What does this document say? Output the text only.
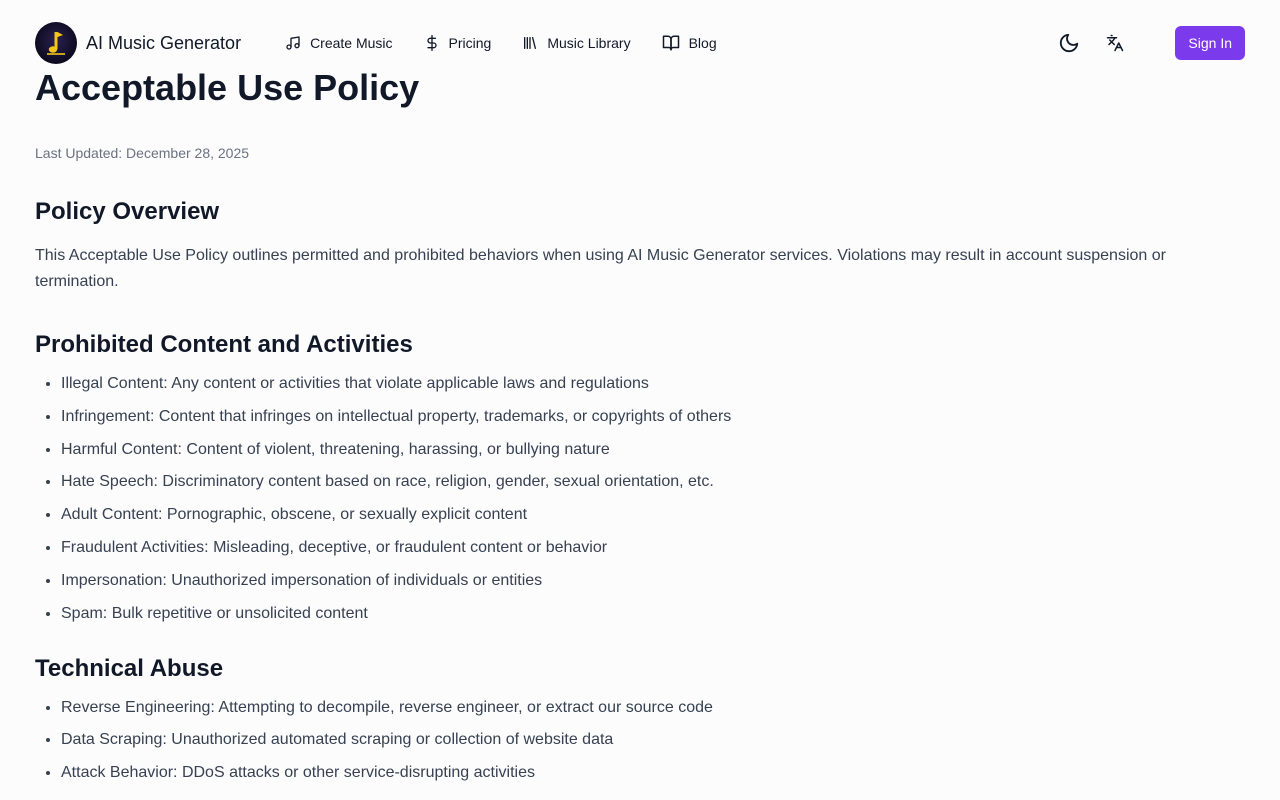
AI Music Generator	Create Music	Pricing	Music Library	Blog	Sign In
Acceptable Use Policy
Last Updated: December 28, 2025
Policy Overview

This Acceptable Use Policy outlines permitted and prohibited behaviors when using AI Music Generator services. Violations may result in account suspension or termination.

Prohibited Content and Activities
• Illegal Content: Any content or activities that violate applicable laws and regulations
• Infringement: Content that infringes on intellectual property, trademarks, or copyrights of others
• Harmful Content: Content of violent, threatening, harassing, or bullying nature
• Hate Speech: Discriminatory content based on race, religion, gender, sexual orientation, etc.
• Adult Content: Pornographic, obscene, or sexually explicit content
• Fraudulent Activities: Misleading, deceptive, or fraudulent content or behavior
• Impersonation: Unauthorized impersonation of individuals or entities
• Spam: Bulk repetitive or unsolicited content
Technical Abuse
• Reverse Engineering: Attempting to decompile, reverse engineer, or extract our source code
• Data Scraping: Unauthorized automated scraping or collection of website data
• Attack Behavior: DDoS attacks or other service-disrupting activities
